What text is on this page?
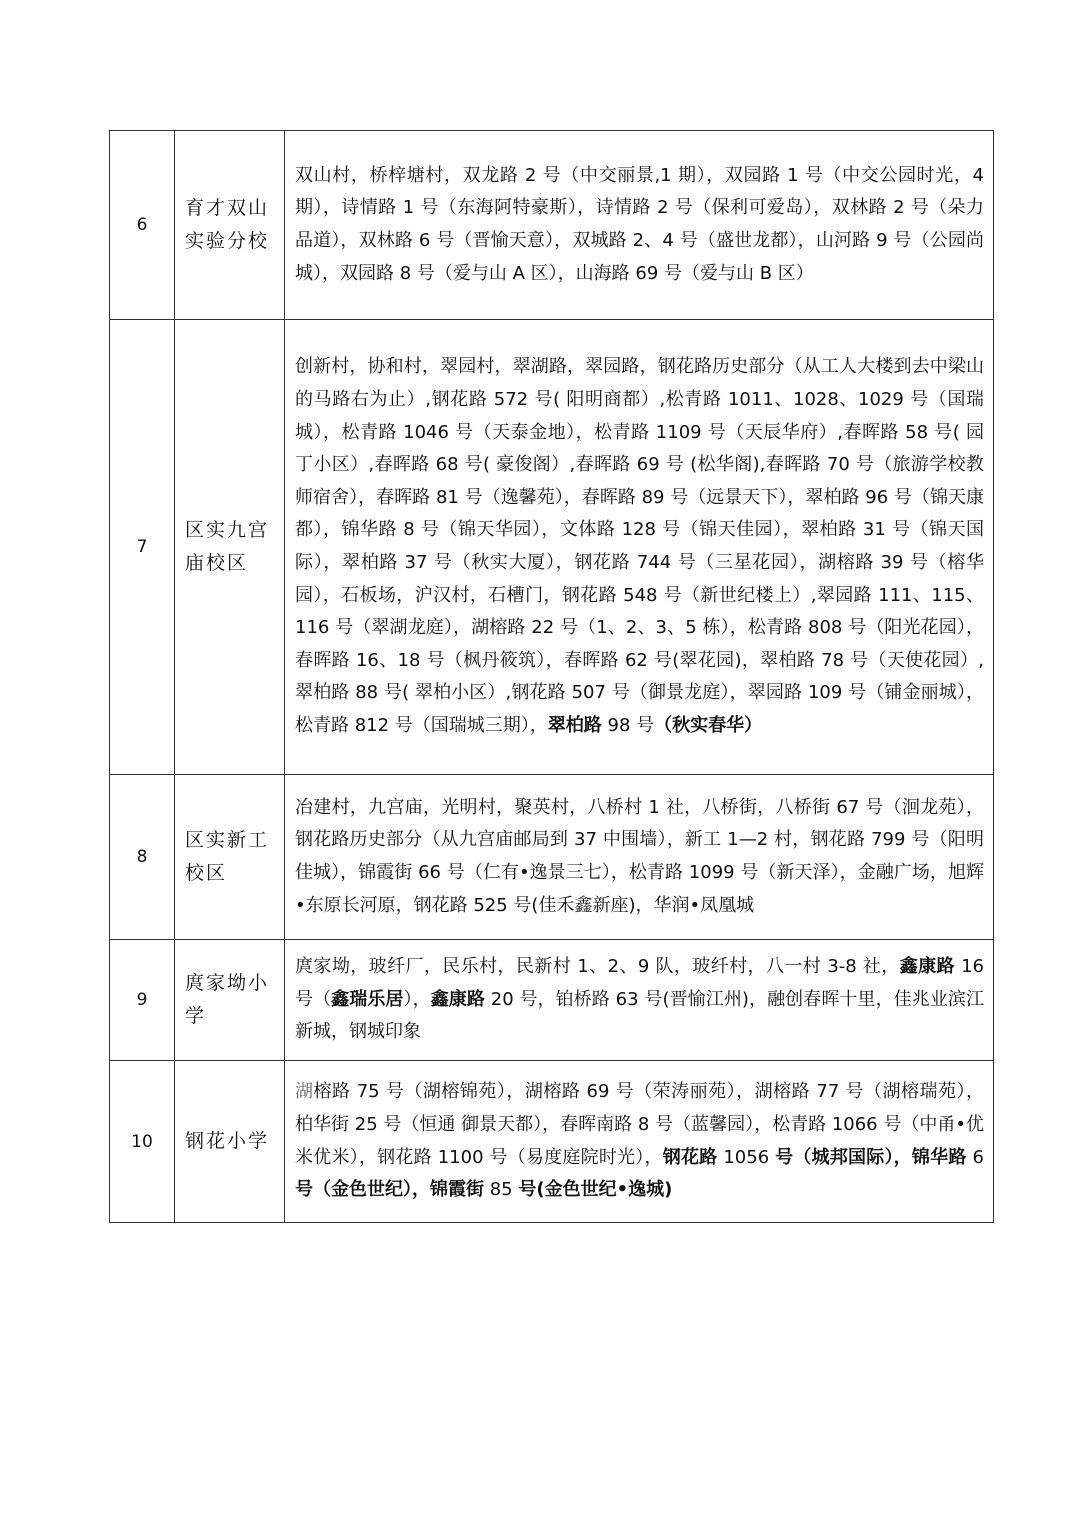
6	育才双山实验分校	双山村，桥梓塘村，双龙路 2 号（中交丽景,1 期），双园路 1 号（中交公园时光，4 期），诗情路 1 号（东海阿特豪斯），诗情路 2 号（保利可爱岛），双林路 2 号（朵力品道），双林路 6 号（晋愉天意），双城路 2、4 号（盛世龙都），山河路 9 号（公园尚城），双园路 8 号（爱与山 A 区），山海路 69 号（爱与山 B 区）
7	区实九宫庙校区	创新村，协和村，翠园村，翠湖路，翠园路，钢花路历史部分（从工人大楼到去中梁山的马路右为止）,钢花路 572 号( 阳明商都）,松青路 1011、1028、1029 号（国瑞城），松青路 1046 号（天泰金地），松青路 1109 号（天辰华府）,春晖路 58 号( 园丁小区）,春晖路 68 号( 豪俊阁）,春晖路 69 号 (松华阁),春晖路 70 号（旅游学校教师宿舍），春晖路 81 号（逸馨苑），春晖路 89 号（远景天下），翠柏路 96 号（锦天康都），锦华路 8 号（锦天华园），文体路 128 号（锦天佳园），翠柏路 31 号（锦天国际），翠柏路 37 号（秋实大厦），钢花路 744 号（三星花园），湖榕路 39 号（榕华园），石板场，沪汉村，石槽门，钢花路 548 号（新世纪楼上）,翠园路 111、115、116 号（翠湖龙庭），湖榕路 22 号（1、2、3、5 栋），松青路 808 号（阳光花园），春晖路 16、18 号（枫丹筱筑），春晖路 62 号(翠花园)，翠柏路 78 号（天使花园）,翠柏路 88 号( 翠柏小区）,钢花路 507 号（御景龙庭），翠园路 109 号（铺金丽城），松青路 812 号（国瑞城三期），翠柏路 98 号（秋实春华）
8	区实新工校区	冶建村，九宫庙，光明村，聚英村，八桥村 1 社，八桥街，八桥街 67 号（洄龙苑），钢花路历史部分（从九宫庙邮局到 37 中围墙），新工 1—2 村，钢花路 799 号（阳明佳城），锦霞街 66 号（仁有•逸景三七），松青路 1099 号（新天泽），金融广场，旭辉•东原长河原，钢花路 525 号(佳禾鑫新座)，华润•凤凰城
9	庹家坳小学	庹家坳，玻纤厂，民乐村，民新村 1、2、9 队，玻纤村，八一村 3-8 社，鑫康路 16 号（鑫瑞乐居），鑫康路 20 号，铂桥路 63 号(晋愉江州)，融创春晖十里，佳兆业滨江新城，钢城印象
10	钢花小学	湖榕路 75 号（湖榕锦苑），湖榕路 69 号（荣涛丽苑），湖榕路 77 号（湖榕瑞苑）， 柏华街 25 号（恒通 御景天都），春晖南路 8 号（蓝馨园），松青路 1066 号（中甬•优米优米），钢花路 1100 号（易度庭院时光），钢花路 1056 号（城邦国际），锦华路 6 号（金色世纪），锦霞街 85 号(金色世纪•逸城)
